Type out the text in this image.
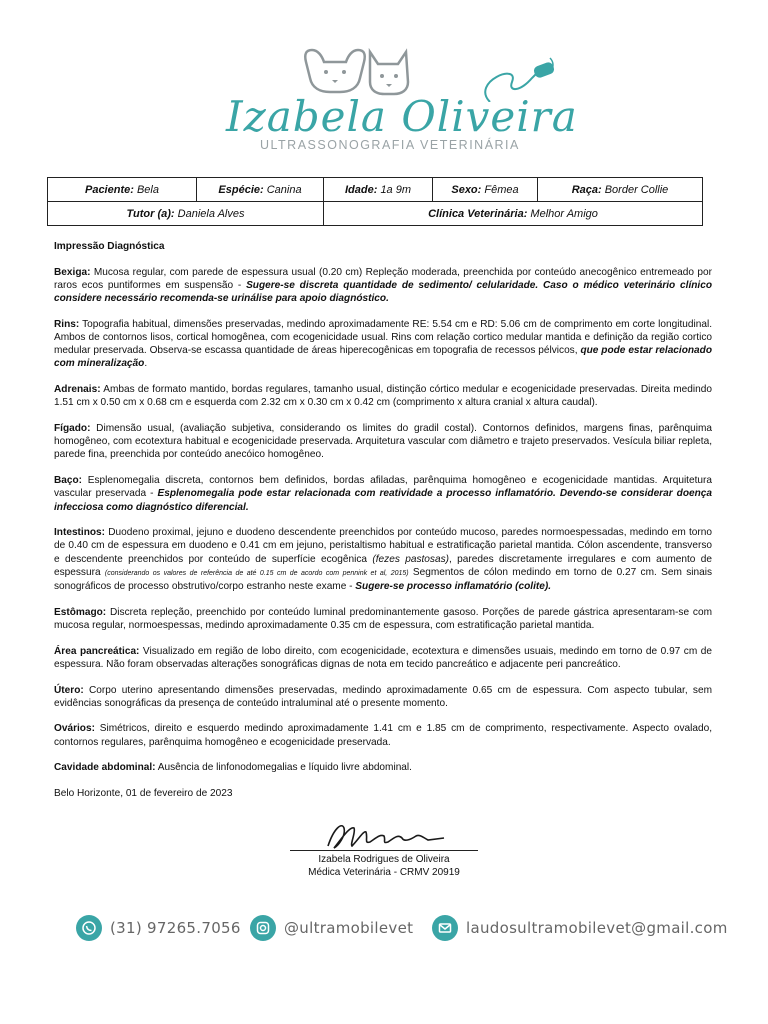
Izabela Oliveira
ULTRASSONOGRAFIA VETERINÁRIA
Paciente: Bela	Espécie: Canina	Idade: 1a 9m	Sexo: Fêmea	Raça: Border Collie
Tutor (a): Daniela Alves		Clínica Veterinária: Melhor Amigo		

Impressão Diagnóstica

Bexiga: Mucosa regular, com parede de espessura usual (0.20 cm) Repleção moderada, preenchida por conteúdo anecogênico entremeado por raros ecos puntiformes em suspensão - Sugere-se discreta quantidade de sedimento/ celularidade. Caso o médico veterinário clínico considere necessário recomenda-se urinálise para apoio diagnóstico.

Rins: Topografia habitual, dimensões preservadas, medindo aproximadamente RE: 5.54 cm e RD: 5.06 cm de comprimento em corte longitudinal. Ambos de contornos lisos, cortical homogênea, com ecogenicidade usual. Rins com relação cortico medular mantida e definição da região cortico medular preservada. Observa-se escassa quantidade de áreas hiperecogênicas em topografia de recessos pélvicos, que pode estar relacionado com mineralização.

Adrenais: Ambas de formato mantido, bordas regulares, tamanho usual, distinção córtico medular e ecogenicidade preservadas. Direita medindo 1.51 cm x 0.50 cm x 0.68 cm e esquerda com 2.32 cm x 0.30 cm x 0.42 cm (comprimento x altura cranial x altura caudal).

Fígado: Dimensão usual, (avaliação subjetiva, considerando os limites do gradil costal). Contornos definidos, margens finas, parênquima homogêneo, com ecotextura habitual e ecogenicidade preservada. Arquitetura vascular com diâmetro e trajeto preservados. Vesícula biliar repleta, parede fina, preenchida por conteúdo anecóico homogêneo.

Baço: Esplenomegalia discreta, contornos bem definidos, bordas afiladas, parênquima homogêneo e ecogenicidade mantidas. Arquitetura vascular preservada - Esplenomegalia pode estar relacionada com reatividade a processo inflamatório. Devendo-se considerar doença infecciosa como diagnóstico diferencial.

Intestinos: Duodeno proximal, jejuno e duodeno descendente preenchidos por conteúdo mucoso, paredes normoespessadas, medindo em torno de 0.40 cm de espessura em duodeno e 0.41 cm em jejuno, peristaltismo habitual e estratificação parietal mantida. Cólon ascendente, transverso e descendente preenchidos por conteúdo de superfície ecogênica (fezes pastosas), paredes discretamente irregulares e com aumento de espessura (considerando os valores de referência de até 0.15 cm de acordo com pennink et al, 2015) Segmentos de cólon medindo em torno de 0.27 cm. Sem sinais sonográficos de processo obstrutivo/corpo estranho neste exame - Sugere-se processo inflamatório (colite).

Estômago: Discreta repleção, preenchido por conteúdo luminal predominantemente gasoso. Porções de parede gástrica apresentaram-se com mucosa regular, normoespessas, medindo aproximadamente 0.35 cm de espessura, com estratificação parietal mantida.

Área pancreática: Visualizado em região de lobo direito, com ecogenicidade, ecotextura e dimensões usuais, medindo em torno de 0.97 cm de espessura. Não foram observadas alterações sonográficas dignas de nota em tecido pancreático e adjacente peri pancreático.

Útero: Corpo uterino apresentando dimensões preservadas, medindo aproximadamente 0.65 cm de espessura. Com aspecto tubular, sem evidências sonográficas da presença de conteúdo intraluminal até o presente momento.

Ovários: Simétricos, direito e esquerdo medindo aproximadamente 1.41 cm e 1.85 cm de comprimento, respectivamente. Aspecto ovalado, contornos regulares, parênquima homogêneo e ecogenicidade preservada.

Cavidade abdominal: Ausência de linfonodomegalias e líquido livre abdominal.

Belo Horizonte, 01 de fevereiro de 2023

Izabela Rodrigues de Oliveira
Médica Veterinária - CRMV 20919
(31) 97265.7056	@ultramobilevet	laudosultramobilevet@gmail.com
